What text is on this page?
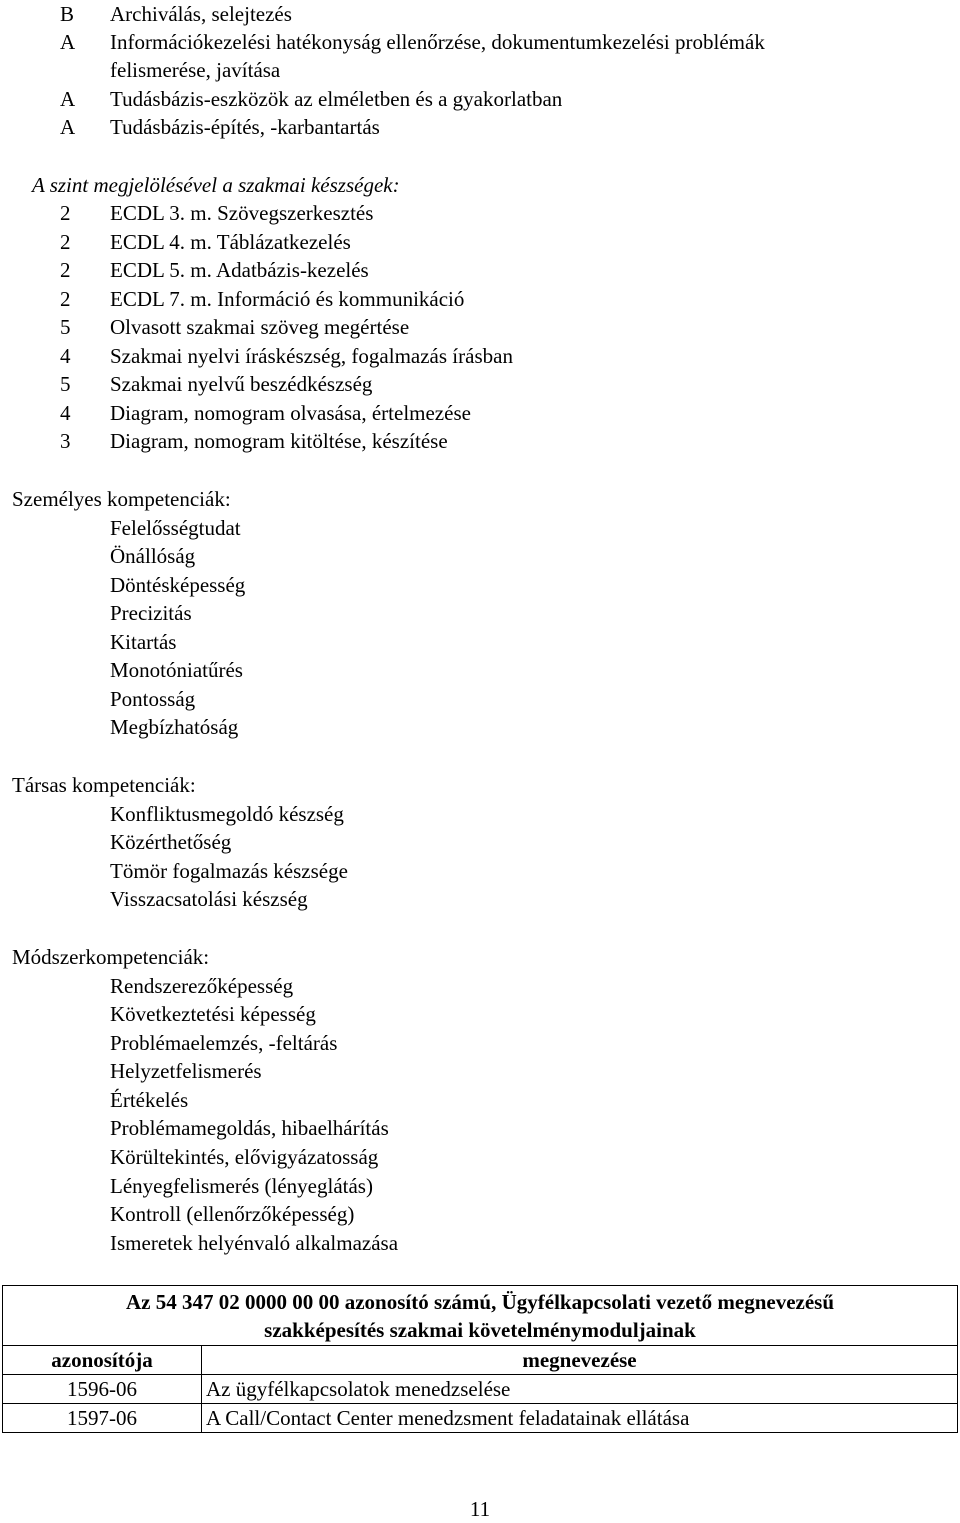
B	Archiválás, selejtezés
A	Információkezelési hatékonyság ellenőrzése, dokumentumkezelési problémák
felismerése, javítása
A	Tudásbázis-eszközök az elméletben és a gyakorlatban
A	Tudásbázis-építés, -karbantartás
A szint megjelölésével a szakmai készségek:
2	ECDL 3. m. Szövegszerkesztés
2	ECDL 4. m. Táblázatkezelés
2	ECDL 5. m. Adatbázis-kezelés
2	ECDL 7. m. Információ és kommunikáció
5	Olvasott szakmai szöveg megértése
4	Szakmai nyelvi íráskészség, fogalmazás írásban
5	Szakmai nyelvű beszédkészség
4	Diagram, nomogram olvasása, értelmezése
3	Diagram, nomogram kitöltése, készítése
Személyes kompetenciák:
Felelősségtudat
Önállóság
Döntésképesség
Precizitás
Kitartás
Monotóniatűrés
Pontosság
Megbízhatóság
Társas kompetenciák:
Konfliktusmegoldó készség
Közérthetőség
Tömör fogalmazás készsége
Visszacsatolási készség
Módszerkompetenciák:
Rendszerezőképesség
Következtetési képesség
Problémaelemzés, -feltárás
Helyzetfelismerés
Értékelés
Problémamegoldás, hibaelhárítás
Körültekintés, elővigyázatosság
Lényegfelismerés (lényeglátás)
Kontroll (ellenőrzőképesség)
Ismeretek helyénvaló alkalmazása
Az 54 347 02 0000 00 00 azonosító számú, Ügyfélkapcsolati vezető megnevezésű
szakképesítés szakmai követelménymoduljainak	

azonosítója	megnevezése
1596-06	Az ügyfélkapcsolatok menedzselése
1597-06	A Call/Contact Center menedzsment feladatainak ellátása
11
